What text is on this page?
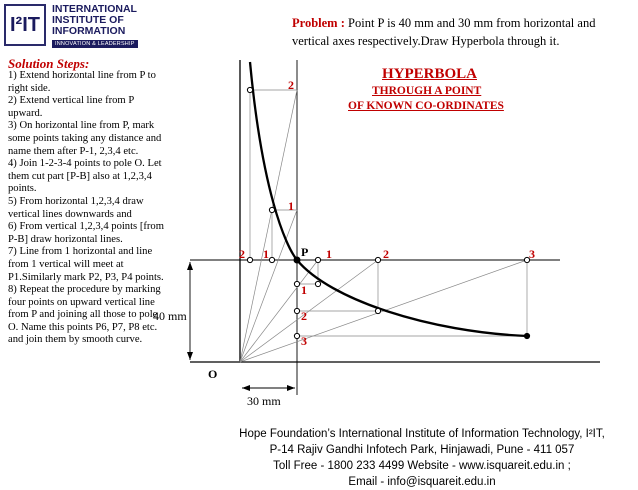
I²IT
INTERNATIONAL
INSTITUTE OF
INFORMATION
INNOVATION & LEADERSHIP
Problem : Point P is 40 mm and 30 mm from horizontal and vertical axes respectively.Draw Hyperbola through it.
Solution Steps:
1) Extend horizontal line from P to right side.
2) Extend vertical line from P upward.
3) On horizontal line from P, mark some points taking any distance and name them after P-1, 2,3,4 etc.
4) Join 1-2-3-4 points to pole O. Let them cut part [P-B] also at 1,2,3,4 points.
5) From horizontal 1,2,3,4 draw vertical lines downwards and
6) From vertical 1,2,3,4 points [from P-B] draw horizontal lines.
7) Line from 1 horizontal and line from 1 vertical will meet at P1.Similarly mark P2, P3, P4 points.
8) Repeat the procedure by marking four points on upward vertical line from P and joining all those to pole O. Name this points P6, P7, P8 etc. and join them by smooth curve.
HYPERBOLA
THROUGH A POINT
OF KNOWN CO-ORDINATES
P
O
1	2	3
2 1
1
2
1
2
3
40 mm
30 mm
Hope Foundation’s International Institute of Information Technology, I²IT,
P-14 Rajiv Gandhi Infotech Park, Hinjawadi, Pune - 411 057
Toll Free - 1800 233 4499 Website - www.isquareit.edu.in ;
Email - info@isquareit.edu.in
